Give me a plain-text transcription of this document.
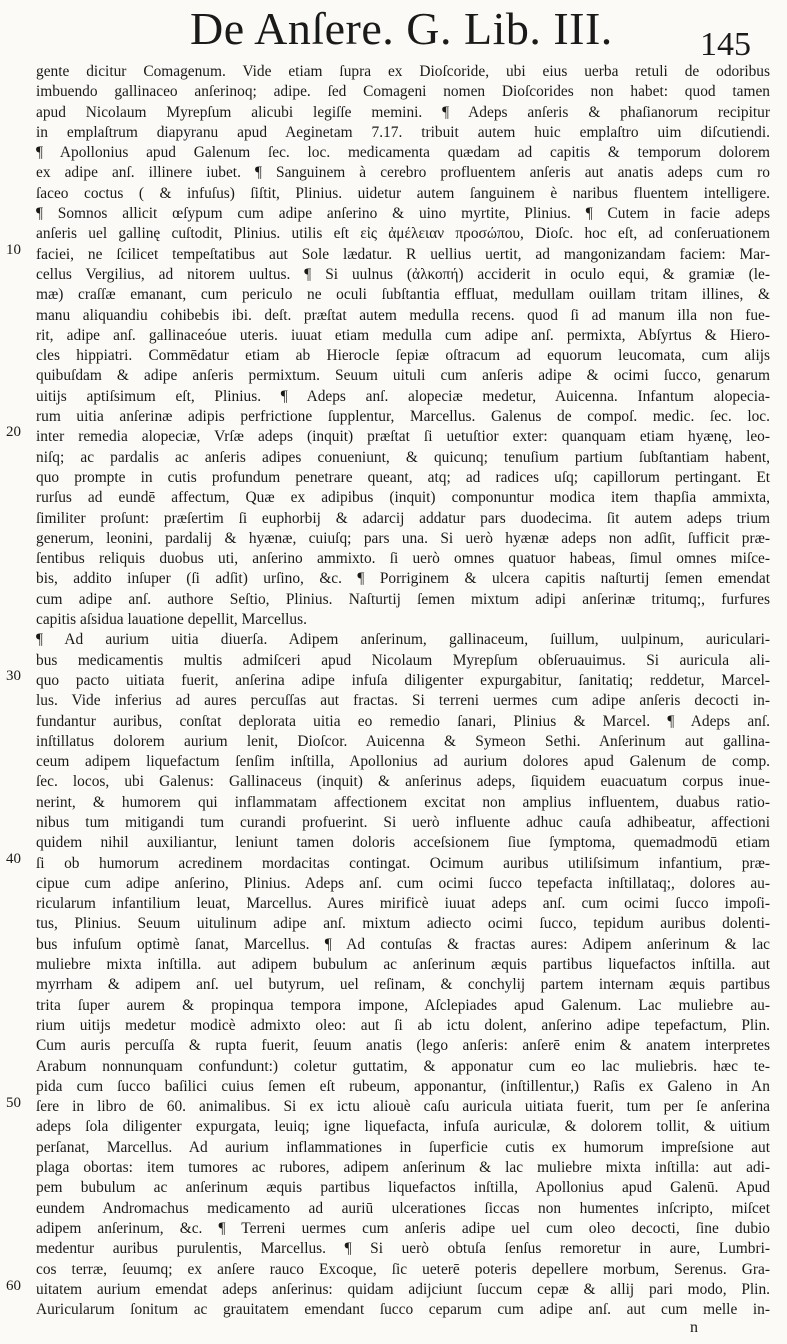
De Anſere. G. Lib. III.	145
10
20
30
40
50
60
gente dicitur Comagenum. Vide etiam ſupra ex Dioſcoride, ubi eius uerba retuli de odoribus
imbuendo gallinaceo anſerinoq; adipe. ſed Comageni nomen Dioſcorides non habet: quod tamen
apud Nicolaum Myrepſum alicubi legiſſe memini. ¶ Adeps anſeris & phaſianorum recipitur
in emplaſtrum diapyranu apud Aeginetam 7.17. tribuit autem huic emplaſtro uim diſcutiendi.
¶ Apollonius apud Galenum ſec. loc. medicamenta quædam ad capitis & temporum dolorem
ex adipe anſ. illinere iubet. ¶ Sanguinem à cerebro profluentem anſeris aut anatis adeps cum ro
ſaceo coctus ( & infuſus) ſiſtit, Plinius. uidetur autem ſanguinem è naribus fluentem intelligere.
¶ Somnos allicit œſypum cum adipe anſerino & uino myrtite, Plinius. ¶ Cutem in facie adeps
anſeris uel gallinę cuſtodit, Plinius. utilis eſt εἰς ἀμέλειαν προσώπου, Dioſc. hoc eſt, ad conſeruationem
faciei, ne ſcilicet tempeſtatibus aut Sole lædatur. R uellius uertit, ad mangonizandam faciem: Mar-
cellus Vergilius, ad nitorem uultus. ¶ Si uulnus (ἀλκοπή) acciderit in oculo equi, & gramiæ (le-
mæ) craſſæ emanant, cum periculo ne oculi ſubſtantia effluat, medullam ouillam tritam illines, &
manu aliquandiu cohibebis ibi. deſt. præſtat autem medulla recens. quod ſi ad manum illa non fue-
rit, adipe anſ. gallinaceóue uteris. iuuat etiam medulla cum adipe anſ. permixta, Abſyrtus & Hiero-
cles hippiatri. Commēdatur etiam ab Hierocle ſepiæ oſtracum ad equorum leucomata, cum alijs
quibuſdam & adipe anſeris permixtum. Seuum uituli cum anſeris adipe & ocimi ſucco, genarum
uitijs aptiſsimum eſt, Plinius. ¶ Adeps anſ. alopeciæ medetur, Auicenna. Infantum alopecia-
rum uitia anſerinæ adipis perfrictione ſupplentur, Marcellus. Galenus de compoſ. medic. ſec. loc.
inter remedia alopeciæ, Vrſæ adeps (inquit) præſtat ſi uetuſtior exter: quanquam etiam hyænę, leo-
niſq; ac pardalis ac anſeris adipes conueniunt, & quicunq; tenuſium partium ſubſtantiam habent,
quo prompte in cutis profundum penetrare queant, atq; ad radices uſq; capillorum pertingant. Et
rurſus ad eundē affectum, Quæ ex adipibus (inquit) componuntur modica item thapſia ammixta,
ſimiliter proſunt: præſertim ſi euphorbij & adarcij addatur pars duodecima. ſit autem adeps trium
generum, leonini, pardalij & hyænæ, cuiuſq; pars una. Si uerò hyænæ adeps non adſit, ſufficit præ-
ſentibus reliquis duobus uti, anſerino ammixto. ſi uerò omnes quatuor habeas, ſimul omnes miſce-
bis, addito inſuper (ſi adſit) urſino, &c. ¶ Porriginem & ulcera capitis naſturtij ſemen emendat
cum adipe anſ. authore Seſtio, Plinius. Naſturtij ſemen mixtum adipi anſerinæ tritumq;, furfures
capitis aſsidua lauatione depellit, Marcellus.
¶ Ad aurium uitia diuerſa. Adipem anſerinum, gallinaceum, ſuillum, uulpinum, auriculari-
bus medicamentis multis admiſceri apud Nicolaum Myrepſum obſeruauimus. Si auricula ali-
quo pacto uitiata fuerit, anſerina adipe infuſa diligenter expurgabitur, ſanitatiq; reddetur, Marcel-
lus. Vide inferius ad aures percuſſas aut fractas. Si terreni uermes cum adipe anſeris decocti in-
fundantur auribus, conſtat deplorata uitia eo remedio ſanari, Plinius & Marcel. ¶ Adeps anſ.
inſtillatus dolorem aurium lenit, Dioſcor. Auicenna & Symeon Sethi. Anſerinum aut gallina-
ceum adipem liquefactum ſenſim inſtilla, Apollonius ad aurium dolores apud Galenum de comp.
ſec. locos, ubi Galenus: Gallinaceus (inquit) & anſerinus adeps, ſiquidem euacuatum corpus inue-
nerint, & humorem qui inflammatam affectionem excitat non amplius influentem, duabus ratio-
nibus tum mitigandi tum curandi profuerint. Si uerò influente adhuc cauſa adhibeatur, affectioni
quidem nihil auxiliantur, leniunt tamen doloris acceſsionem ſiue ſymptoma, quemadmodū etiam
ſi ob humorum acredinem mordacitas contingat. Ocimum auribus utiliſsimum infantium, præ-
cipue cum adipe anſerino, Plinius. Adeps anſ. cum ocimi ſucco tepefacta inſtillataq;, dolores au-
ricularum infantilium leuat, Marcellus. Aures mirificè iuuat adeps anſ. cum ocimi ſucco impoſi-
tus, Plinius. Seuum uitulinum adipe anſ. mixtum adiecto ocimi ſucco, tepidum auribus dolenti-
bus infuſum optimè ſanat, Marcellus. ¶ Ad contuſas & fractas aures: Adipem anſerinum & lac
muliebre mixta inſtilla. aut adipem bubulum ac anſerinum æquis partibus liquefactos inſtilla. aut
myrrham & adipem anſ. uel butyrum, uel reſinam, & conchylij partem internam æquis partibus
trita ſuper aurem & propinqua tempora impone, Aſclepiades apud Galenum. Lac muliebre au-
rium uitijs medetur modicè admixto oleo: aut ſi ab ictu dolent, anſerino adipe tepefactum, Plin.
Cum auris percuſſa & rupta fuerit, ſeuum anatis (lego anſeris: anſerē enim & anatem interpretes
Arabum nonnunquam confundunt:) coletur guttatim, & apponatur cum eo lac muliebris. hæc te-
pida cum ſucco baſilici cuius ſemen eſt rubeum, apponantur, (inſtillentur,) Raſis ex Galeno in An
ſere in libro de 60. animalibus. Si ex ictu aliouè caſu auricula uitiata fuerit, tum per ſe anſerina
adeps ſola diligenter expurgata, leuiq; igne liquefacta, infuſa auriculæ, & dolorem tollit, & uitium
perſanat, Marcellus. Ad aurium inflammationes in ſuperficie cutis ex humorum impreſsione aut
plaga obortas: item tumores ac rubores, adipem anſerinum & lac muliebre mixta inſtilla: aut adi-
pem bubulum ac anſerinum æquis partibus liquefactos inſtilla, Apollonius apud Galenū. Apud
eundem Andromachus medicamento ad auriū ulcerationes ſiccas non humentes inſcripto, miſcet
adipem anſerinum, &c. ¶ Terreni uermes cum anſeris adipe uel cum oleo decocti, ſine dubio
medentur auribus purulentis, Marcellus. ¶ Si uerò obtuſa ſenſus remoretur in aure, Lumbri-
cos terræ, ſeuumq; ex anſere rauco Excoque, ſic ueterē poteris depellere morbum, Serenus. Gra-
uitatem aurium emendat adeps anſerinus: quidam adijciunt ſuccum cepæ & allij pari modo, Plin.
Auricularum ſonitum ac grauitatem emendant ſucco ceparum cum adipe anſ. aut cum melle in-
n
